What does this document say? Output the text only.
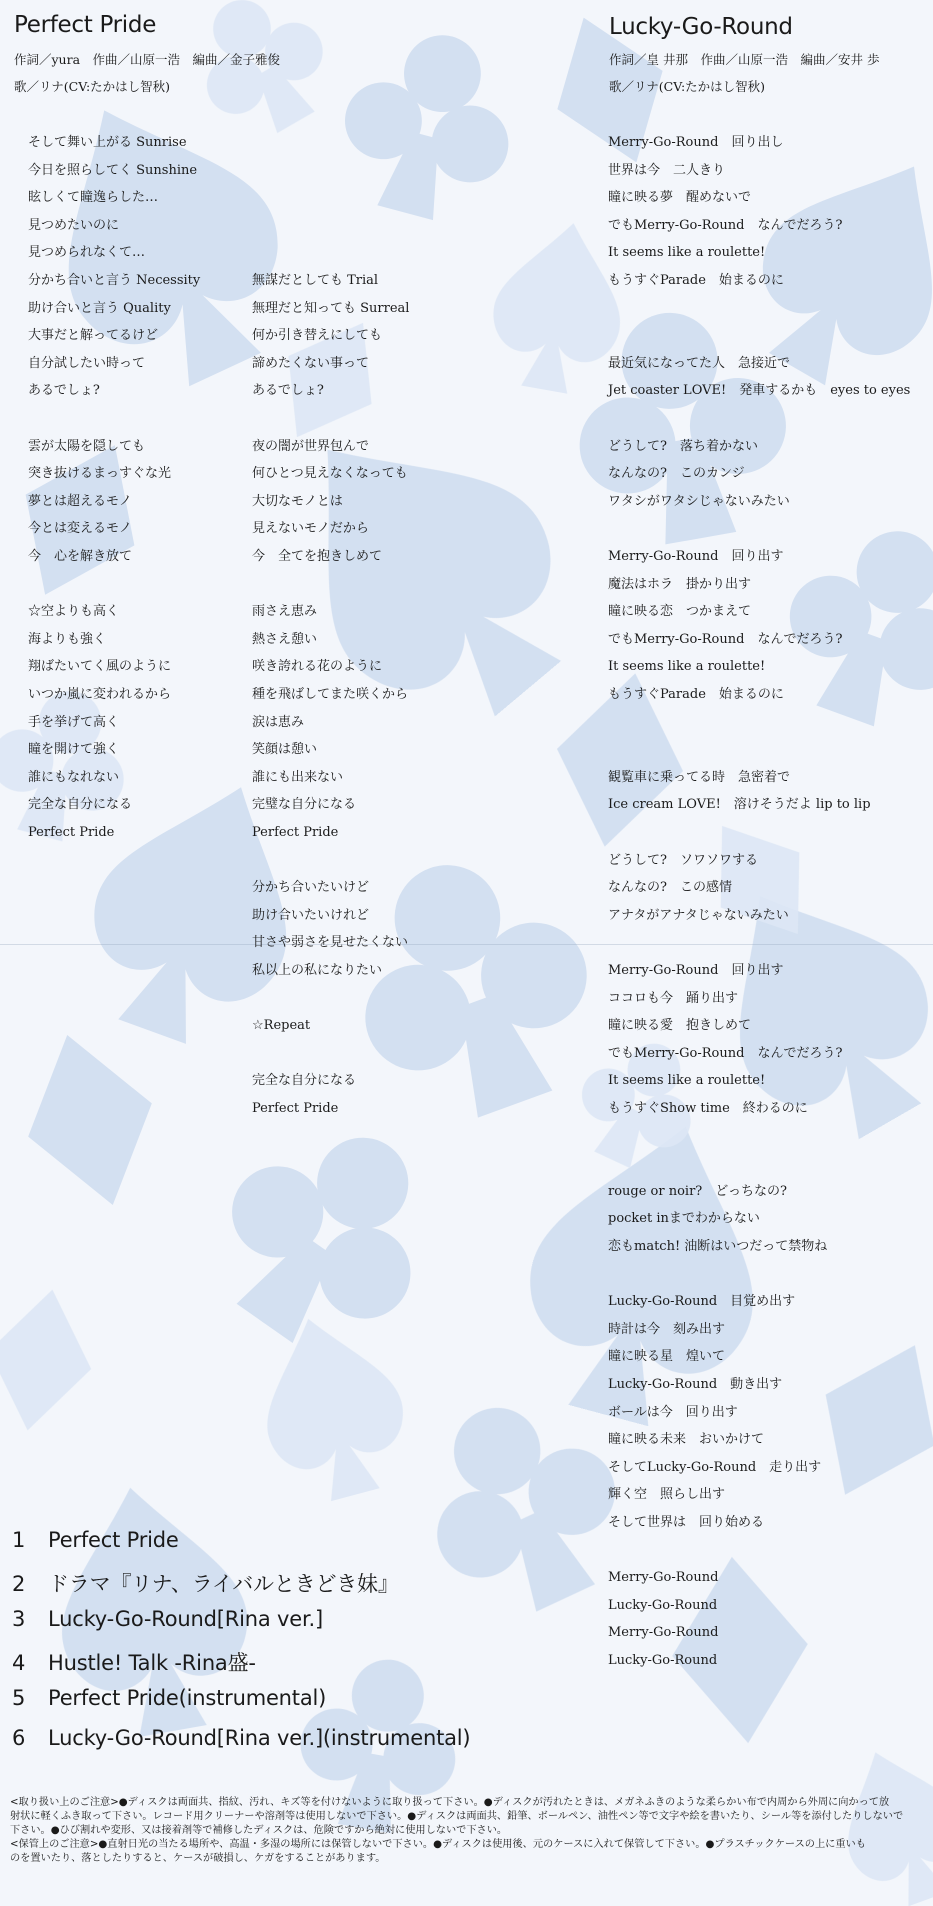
Perfect Pride
作詞／yura　作曲／山原一浩　編曲／金子雅俊
歌／リナ(CV:たかはし智秋)
Lucky-Go-Round
作詞／皇 井那　作曲／山原一浩　編曲／安井 歩
歌／リナ(CV:たかはし智秋)
そして舞い上がる Sunrise
今日を照らしてく Sunshine
眩しくて瞳逸らした…
見つめたいのに
見つめられなくて…
分かち合いと言う Necessity
助け合いと言う Quality
大事だと解ってるけど
自分試したい時って
あるでしょ?
雲が太陽を隠しても
突き抜けるまっすぐな光
夢とは超えるモノ
今とは変えるモノ
今　心を解き放て
☆空よりも高く
海よりも強く
翔ばたいてく風のように
いつか嵐に変われるから
手を挙げて高く
瞳を開けて強く
誰にもなれない
完全な自分になる
Perfect Pride
無謀だとしても Trial
無理だと知っても Surreal
何か引き替えにしても
諦めたくない事って
あるでしょ?
夜の闇が世界包んで
何ひとつ見えなくなっても
大切なモノとは
見えないモノだから
今　全てを抱きしめて
雨さえ恵み
熱さえ憩い
咲き誇れる花のように
種を飛ばしてまた咲くから
涙は恵み
笑顔は憩い
誰にも出来ない
完璧な自分になる
Perfect Pride
分かち合いたいけど
助け合いたいけれど
甘さや弱さを見せたくない
私以上の私になりたい
☆Repeat
完全な自分になる
Perfect Pride
Merry-Go-Round　回り出し
世界は今　二人きり
瞳に映る夢　醒めないで
でもMerry-Go-Round　なんでだろう?
It seems like a roulette!
もうすぐParade　始まるのに
最近気になってた人　急接近で
Jet coaster LOVE!　発車するかも　eyes to eyes
どうして?　落ち着かない
なんなの?　このカンジ
ワタシがワタシじゃないみたい
Merry-Go-Round　回り出す
魔法はホラ　掛かり出す
瞳に映る恋　つかまえて
でもMerry-Go-Round　なんでだろう?
It seems like a roulette!
もうすぐParade　始まるのに
観覧車に乗ってる時　急密着で
Ice cream LOVE!　溶けそうだよ lip to lip
どうして?　ソワソワする
なんなの?　この感情
アナタがアナタじゃないみたい
Merry-Go-Round　回り出す
ココロも今　踊り出す
瞳に映る愛　抱きしめて
でもMerry-Go-Round　なんでだろう?
It seems like a roulette!
もうすぐShow time　終わるのに
rouge or noir?　どっちなの?
pocket inまでわからない
恋もmatch! 油断はいつだって禁物ね
Lucky-Go-Round　目覚め出す
時計は今　刻み出す
瞳に映る星　煌いて
Lucky-Go-Round　動き出す
ボールは今　回り出す
瞳に映る未来　おいかけて
そしてLucky-Go-Round　走り出す
輝く空　照らし出す
そして世界は　回り始める
Merry-Go-Round
Lucky-Go-Round
Merry-Go-Round
Lucky-Go-Round
1 Perfect Pride
2 ドラマ『リナ、ライバルときどき妹』
3 Lucky-Go-Round[Rina ver.]
4 Hustle! Talk -Rina盛-
5 Perfect Pride(instrumental)
6 Lucky-Go-Round[Rina ver.](instrumental)
<取り扱い上のご注意>●ディスクは両面共、指紋、汚れ、キズ等を付けないように取り扱って下さい。●ディスクが汚れたときは、メガネふきのような柔らかい布で内周から外周に向かって放
射状に軽くふき取って下さい。レコード用クリーナーや溶剤等は使用しないで下さい。●ディスクは両面共、鉛筆、ボールペン、油性ペン等で文字や絵を書いたり、シール等を添付したりしないで
下さい。●ひび割れや変形、又は接着剤等で補修したディスクは、危険ですから絶対に使用しないで下さい。
<保管上のご注意>●直射日光の当たる場所や、高温・多湿の場所には保管しないで下さい。●ディスクは使用後、元のケースに入れて保管して下さい。●プラスチックケースの上に重いも
のを置いたり、落としたりすると、ケースが破損し、ケガをすることがあります。
